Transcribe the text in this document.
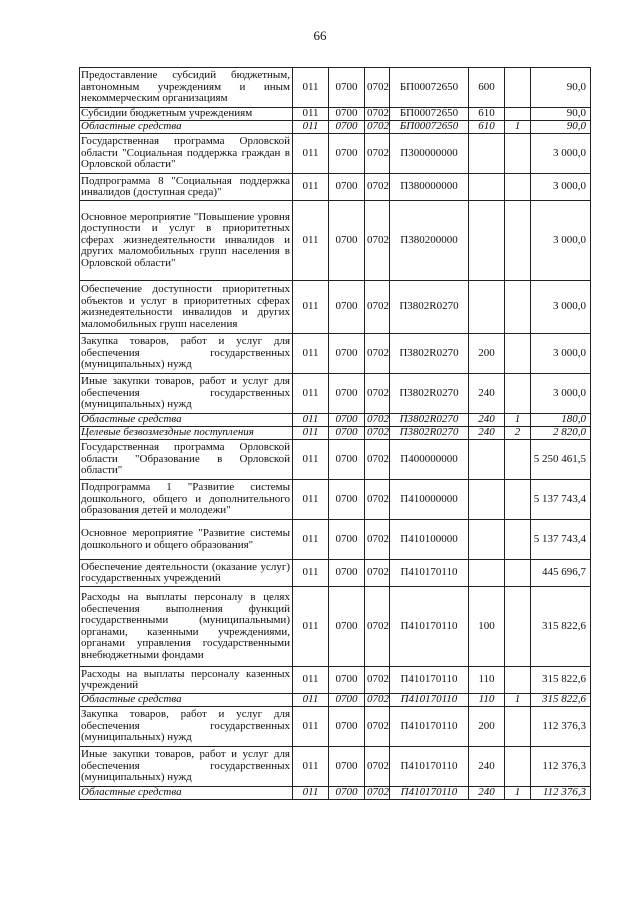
66
Предоставление субсидий бюджетным, автономным учреждениям и иным некоммерческим организациям	011	0700	0702	БП00072650	600		90,0
Субсидии бюджетным учреждениям	011	0700	0702	БП00072650	610		90,0
Областные средства	011	0700	0702	БП00072650	610	1	90,0
Государственная программа Орловской области "Социальная поддержка граждан в Орловской области"	011	0700	0702	П300000000			3 000,0
Подпрограмма 8 "Социальная поддержка инвалидов (доступная среда)"	011	0700	0702	П380000000			3 000,0
Основное мероприятие "Повышение уровня доступности и услуг в приоритетных сферах жизнедеятельности инвалидов и других маломобильных групп населения в Орловской области"	011	0700	0702	П380200000			3 000,0
Обеспечение доступности приоритетных объектов и услуг в приоритетных сферах жизнедеятельности инвалидов и других маломобильных групп населения	011	0700	0702	П3802R0270			3 000,0
Закупка товаров, работ и услуг для обеспечения государственных (муниципальных) нужд	011	0700	0702	П3802R0270	200		3 000,0
Иные закупки товаров, работ и услуг для обеспечения государственных (муниципальных) нужд	011	0700	0702	П3802R0270	240		3 000,0
Областные средства	011	0700	0702	П3802R0270	240	1	180,0
Целевые безвозмездные поступления	011	0700	0702	П3802R0270	240	2	2 820,0
Государственная программа Орловской области "Образование в Орловской области"	011	0700	0702	П400000000			5 250 461,5
Подпрограмма 1 "Развитие системы дошкольного, общего и дополнительного образования детей и молодежи"	011	0700	0702	П410000000			5 137 743,4
Основное мероприятие "Развитие системы дошкольного и общего образования"	011	0700	0702	П410100000			5 137 743,4
Обеспечение деятельности (оказание услуг) государственных учреждений	011	0700	0702	П410170110			445 696,7
Расходы на выплаты персоналу в целях обеспечения выполнения функций государственными (муниципальными) органами, казенными учреждениями, органами управления государственными внебюджетными фондами	011	0700	0702	П410170110	100		315 822,6
Расходы на выплаты персоналу казенных учреждений	011	0700	0702	П410170110	110		315 822,6
Областные средства	011	0700	0702	П410170110	110	1	315 822,6
Закупка товаров, работ и услуг для обеспечения государственных (муниципальных) нужд	011	0700	0702	П410170110	200		112 376,3
Иные закупки товаров, работ и услуг для обеспечения государственных (муниципальных) нужд	011	0700	0702	П410170110	240		112 376,3
Областные средства	011	0700	0702	П410170110	240	1	112 376,3
